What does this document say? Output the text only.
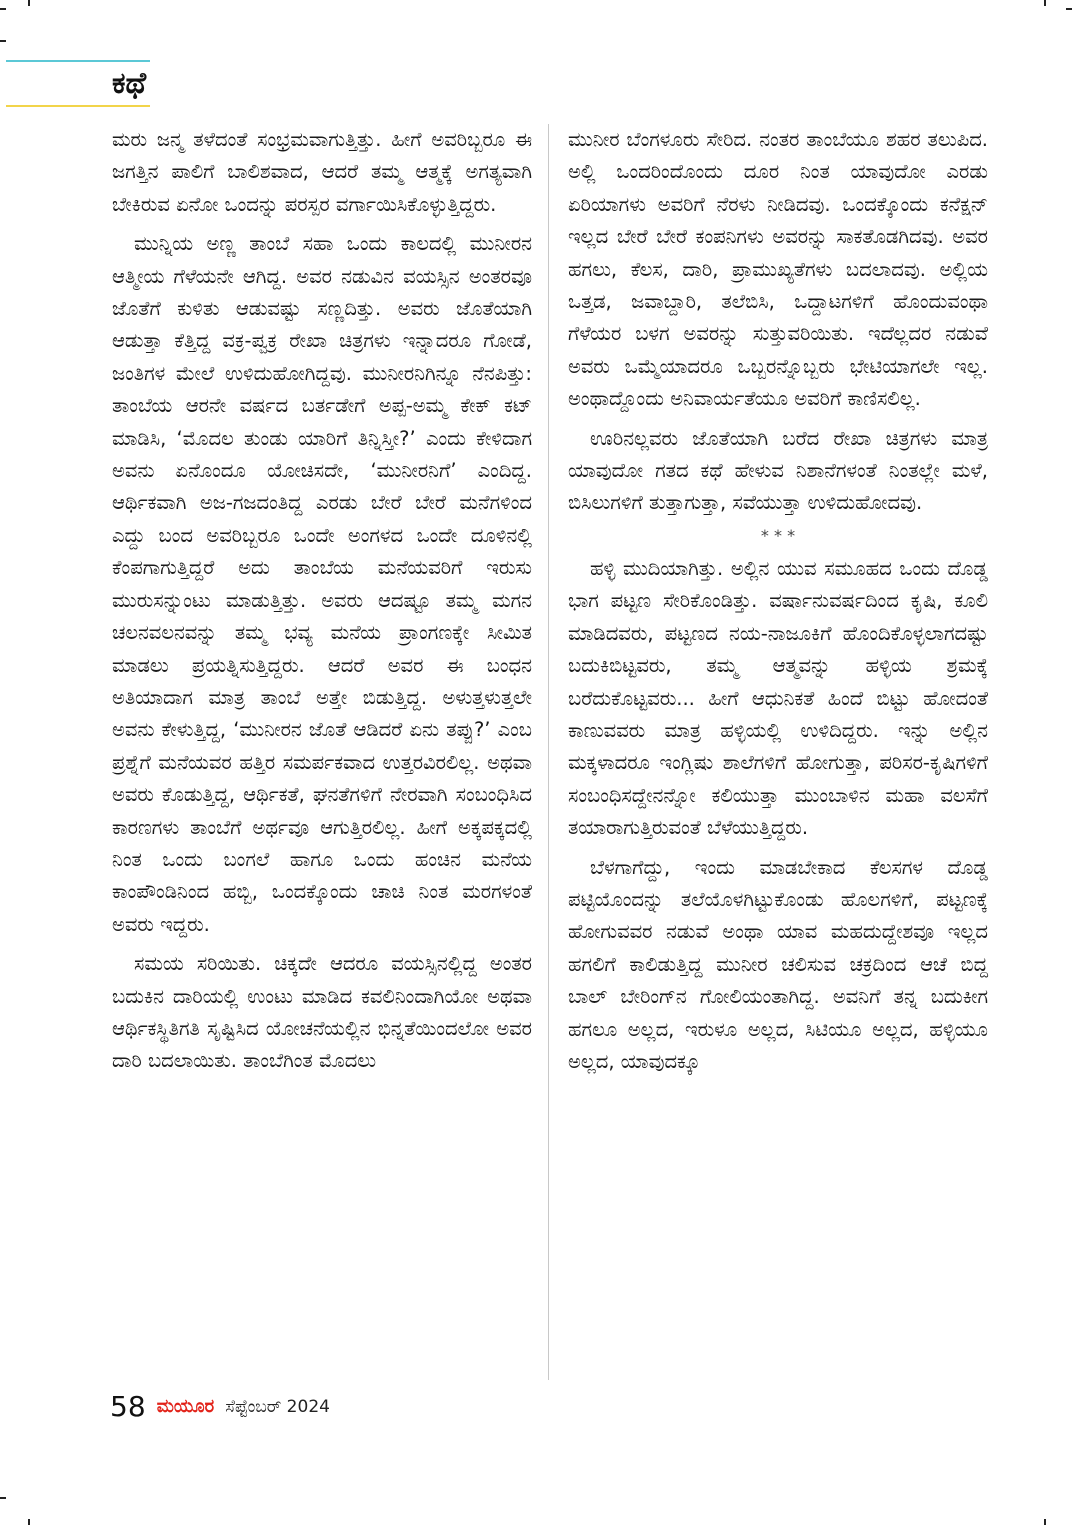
ಕಥೆ

ಮರು ಜನ್ಮ ತಳೆದಂತೆ ಸಂಭ್ರಮವಾಗುತ್ತಿತ್ತು. ಹೀಗೆ ಅವರಿಬ್ಬರೂ ಈ ಜಗತ್ತಿನ ಪಾಲಿಗೆ ಬಾಲಿಶವಾದ, ಆದರೆ ತಮ್ಮ ಆತ್ಮಕ್ಕೆ ಅಗತ್ಯವಾಗಿ ಬೇಕಿರುವ ಏನೋ ಒಂದನ್ನು ಪರಸ್ಪರ ವರ್ಗಾಯಿಸಿಕೊಳ್ಳುತ್ತಿದ್ದರು.

ಮುನ್ನಿಯ ಅಣ್ಣ ತಾಂಬೆ ಸಹಾ ಒಂದು ಕಾಲದಲ್ಲಿ ಮುನೀರನ ಆತ್ಮೀಯ ಗೆಳೆಯನೇ ಆಗಿದ್ದ. ಅವರ ನಡುವಿನ ವಯಸ್ಸಿನ ಅಂತರವೂ ಜೊತೆಗೆ ಕುಳಿತು ಆಡುವಷ್ಟು ಸಣ್ಣದಿತ್ತು. ಅವರು ಜೊತೆಯಾಗಿ ಆಡುತ್ತಾ ಕೆತ್ತಿದ್ದ ವಕ್ರ-ಪ್ವಕ್ರ ರೇಖಾ ಚಿತ್ರಗಳು ಇನ್ನಾದರೂ ಗೋಡೆ, ಜಂತಿಗಳ ಮೇಲೆ ಉಳಿದುಹೋಗಿದ್ದವು. ಮುನೀರನಿಗಿನ್ನೂ ನೆನಪಿತ್ತು: ತಾಂಬೆಯ ಆರನೇ ವರ್ಷದ ಬರ್ತಡೇಗೆ ಅಪ್ಪ-ಅಮ್ಮ ಕೇಕ್ ಕಟ್ ಮಾಡಿಸಿ, ‘ಮೊದಲ ತುಂಡು ಯಾರಿಗೆ ತಿನ್ನಿಸ್ತೀ?’ ಎಂದು ಕೇಳಿದಾಗ ಅವನು ಏನೊಂದೂ ಯೋಚಿಸದೇ, ‘ಮುನೀರನಿಗೆ’ ಎಂದಿದ್ದ. ಆರ್ಥಿಕವಾಗಿ ಅಜ-ಗಜದಂತಿದ್ದ ಎರಡು ಬೇರೆ ಬೇರೆ ಮನೆಗಳಿಂದ ಎದ್ದು ಬಂದ ಅವರಿಬ್ಬರೂ ಒಂದೇ ಅಂಗಳದ ಒಂದೇ ದೂಳಿನಲ್ಲಿ ಕೆಂಪಗಾಗುತ್ತಿದ್ದರೆ ಅದು ತಾಂಬೆಯ ಮನೆಯವರಿಗೆ ಇರುಸು ಮುರುಸನ್ನುಂಟು ಮಾಡುತ್ತಿತ್ತು. ಅವರು ಆದಷ್ಟೂ ತಮ್ಮ ಮಗನ ಚಲನವಲನವನ್ನು ತಮ್ಮ ಭವ್ಯ ಮನೆಯ ಪ್ರಾಂಗಣಕ್ಕೇ ಸೀಮಿತ ಮಾಡಲು ಪ್ರಯತ್ನಿಸುತ್ತಿದ್ದರು. ಆದರೆ ಅವರ ಈ ಬಂಧನ ಅತಿಯಾದಾಗ ಮಾತ್ರ ತಾಂಬೆ ಅತ್ತೇ ಬಿಡುತ್ತಿದ್ದ. ಅಳುತ್ತಳುತ್ತಲೇ ಅವನು ಕೇಳುತ್ತಿದ್ದ, ‘ಮುನೀರನ ಜೊತೆ ಆಡಿದರೆ ಏನು ತಪ್ಪು?’ ಎಂಬ ಪ್ರಶ್ನೆಗೆ ಮನೆಯವರ ಹತ್ತಿರ ಸಮರ್ಪಕವಾದ ಉತ್ತರವಿರಲಿಲ್ಲ. ಅಥವಾ ಅವರು ಕೊಡುತ್ತಿದ್ದ, ಆರ್ಥಿಕತೆ, ಘನತೆಗಳಿಗೆ ನೇರವಾಗಿ ಸಂಬಂಧಿಸಿದ ಕಾರಣಗಳು ತಾಂಬೆಗೆ ಅರ್ಥವೂ ಆಗುತ್ತಿರಲಿಲ್ಲ. ಹೀಗೆ ಅಕ್ಕಪಕ್ಕದಲ್ಲಿ ನಿಂತ ಒಂದು ಬಂಗಲೆ ಹಾಗೂ ಒಂದು ಹಂಚಿನ ಮನೆಯ ಕಾಂಪೌಂಡಿನಿಂದ ಹಬ್ಬಿ, ಒಂದಕ್ಕೊಂದು ಚಾಚಿ ನಿಂತ ಮರಗಳಂತೆ ಅವರು ಇದ್ದರು.

ಸಮಯ ಸರಿಯಿತು. ಚಿಕ್ಕದೇ ಆದರೂ ವಯಸ್ಸಿನಲ್ಲಿದ್ದ ಅಂತರ ಬದುಕಿನ ದಾರಿಯಲ್ಲಿ ಉಂಟು ಮಾಡಿದ ಕವಲಿನಿಂದಾಗಿಯೋ ಅಥವಾ ಆರ್ಥಿಕಸ್ಥಿತಿಗತಿ ಸೃಷ್ಟಿಸಿದ ಯೋಚನೆಯಲ್ಲಿನ ಭಿನ್ನತೆಯಿಂದಲೋ ಅವರ ದಾರಿ ಬದಲಾಯಿತು. ತಾಂಬೆಗಿಂತ ಮೊದಲು

ಮುನೀರ ಬೆಂಗಳೂರು ಸೇರಿದ. ನಂತರ ತಾಂಬೆಯೂ ಶಹರ ತಲುಪಿದ. ಅಲ್ಲಿ ಒಂದರಿಂದೊಂದು ದೂರ ನಿಂತ ಯಾವುದೋ ಎರಡು ಏರಿಯಾಗಳು ಅವರಿಗೆ ನೆರಳು ನೀಡಿದವು. ಒಂದಕ್ಕೊಂದು ಕನೆಕ್ಷನ್ ಇಲ್ಲದ ಬೇರೆ ಬೇರೆ ಕಂಪನಿಗಳು ಅವರನ್ನು ಸಾಕತೊಡಗಿದವು. ಅವರ ಹಗಲು, ಕೆಲಸ, ದಾರಿ, ಪ್ರಾಮುಖ್ಯತೆಗಳು ಬದಲಾದವು. ಅಲ್ಲಿಯ ಒತ್ತಡ, ಜವಾಬ್ದಾರಿ, ತಲೆಬಿಸಿ, ಒದ್ದಾಟಗಳಿಗೆ ಹೊಂದುವಂಥಾ ಗೆಳೆಯರ ಬಳಗ ಅವರನ್ನು ಸುತ್ತುವರಿಯಿತು. ಇದೆಲ್ಲದರ ನಡುವೆ ಅವರು ಒಮ್ಮೆಯಾದರೂ ಒಬ್ಬರನ್ನೊಬ್ಬರು ಭೇಟಿಯಾಗಲೇ ಇಲ್ಲ. ಅಂಥಾದ್ದೊಂದು ಅನಿವಾರ್ಯತೆಯೂ ಅವರಿಗೆ ಕಾಣಿಸಲಿಲ್ಲ.

ಊರಿನಲ್ಲವರು ಜೊತೆಯಾಗಿ ಬರೆದ ರೇಖಾ ಚಿತ್ರಗಳು ಮಾತ್ರ ಯಾವುದೋ ಗತದ ಕಥೆ ಹೇಳುವ ನಿಶಾನೆಗಳಂತೆ ನಿಂತಲ್ಲೇ ಮಳೆ, ಬಿಸಿಲುಗಳಿಗೆ ತುತ್ತಾಗುತ್ತಾ, ಸವೆಯುತ್ತಾ ಉಳಿದುಹೋದವು.

* * *

ಹಳ್ಳಿ ಮುದಿಯಾಗಿತ್ತು. ಅಲ್ಲಿನ ಯುವ ಸಮೂಹದ ಒಂದು ದೊಡ್ಡ ಭಾಗ ಪಟ್ಟಣ ಸೇರಿಕೊಂಡಿತ್ತು. ವರ್ಷಾನುವರ್ಷದಿಂದ ಕೃಷಿ, ಕೂಲಿ ಮಾಡಿದವರು, ಪಟ್ಟಣದ ನಯ-ನಾಜೂಕಿಗೆ ಹೊಂದಿಕೊಳ್ಳಲಾಗದಷ್ಟು ಬದುಕಿಬಿಟ್ಟವರು, ತಮ್ಮ ಆತ್ಮವನ್ನು ಹಳ್ಳಿಯ ಶ್ರಮಕ್ಕೆ ಬರೆದುಕೊಟ್ಟವರು... ಹೀಗೆ ಆಧುನಿಕತೆ ಹಿಂದೆ ಬಿಟ್ಟು ಹೋದಂತೆ ಕಾಣುವವರು ಮಾತ್ರ ಹಳ್ಳಿಯಲ್ಲಿ ಉಳಿದಿದ್ದರು. ಇನ್ನು ಅಲ್ಲಿನ ಮಕ್ಕಳಾದರೂ ಇಂಗ್ಲಿಷು ಶಾಲೆಗಳಿಗೆ ಹೋಗುತ್ತಾ, ಪರಿಸರ-ಕೃಷಿಗಳಿಗೆ ಸಂಬಂಧಿಸದ್ದೇನನ್ನೋ ಕಲಿಯುತ್ತಾ ಮುಂಬಾಳಿನ ಮಹಾ ವಲಸೆಗೆ ತಯಾರಾಗುತ್ತಿರುವಂತೆ ಬೆಳೆಯುತ್ತಿದ್ದರು.

ಬೆಳಗಾಗೆದ್ದು, ಇಂದು ಮಾಡಬೇಕಾದ ಕೆಲಸಗಳ ದೊಡ್ಡ ಪಟ್ಟಿಯೊಂದನ್ನು ತಲೆಯೊಳಗಿಟ್ಟುಕೊಂಡು ಹೊಲಗಳಿಗೆ, ಪಟ್ಟಣಕ್ಕೆ ಹೋಗುವವರ ನಡುವೆ ಅಂಥಾ ಯಾವ ಮಹದುದ್ದೇಶವೂ ಇಲ್ಲದ ಹಗಲಿಗೆ ಕಾಲಿಡುತ್ತಿದ್ದ ಮುನೀರ ಚಲಿಸುವ ಚಕ್ರದಿಂದ ಆಚೆ ಬಿದ್ದ ಬಾಲ್ ಬೇರಿಂಗ್‌ನ ಗೋಲಿಯಂತಾಗಿದ್ದ. ಅವನಿಗೆ ತನ್ನ ಬದುಕೀಗ ಹಗಲೂ ಅಲ್ಲದ, ಇರುಳೂ ಅಲ್ಲದ, ಸಿಟಿಯೂ ಅಲ್ಲದ, ಹಳ್ಳಿಯೂ ಅಲ್ಲದ, ಯಾವುದಕ್ಕೂ

58 ಮಯೂರ ಸೆಪ್ಟೆಂಬರ್ 2024
